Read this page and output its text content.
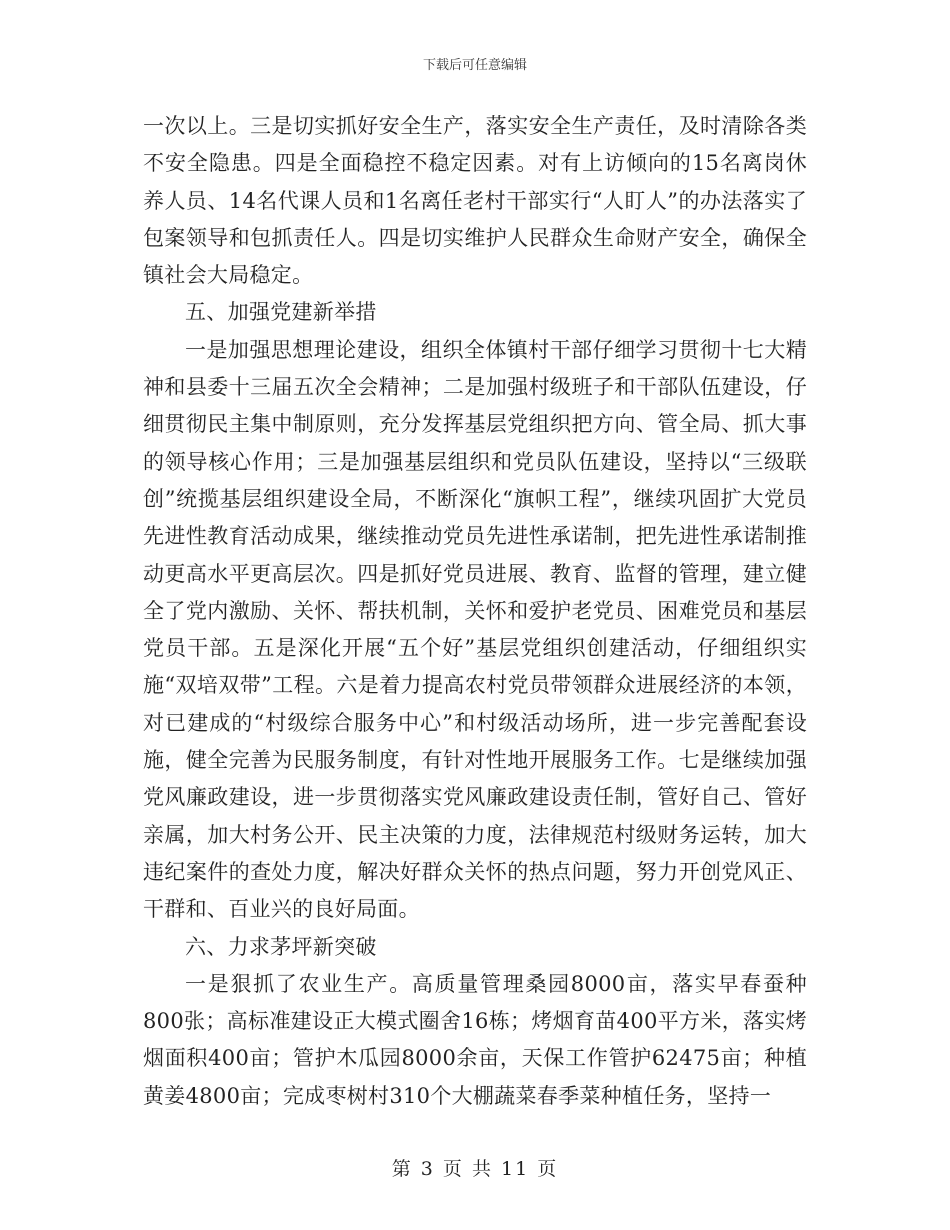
下载后可任意编辑

一次以上。三是切实抓好安全生产，落实安全生产责任，及时清除各类不安全隐患。四是全面稳控不稳定因素。对有上访倾向的15名离岗休养人员、14名代课人员和1名离任老村干部实行“人盯人”的办法落实了包案领导和包抓责任人。四是切实维护人民群众生命财产安全，确保全镇社会大局稳定。

五、加强党建新举措

一是加强思想理论建设，组织全体镇村干部仔细学习贯彻十七大精神和县委十三届五次全会精神；二是加强村级班子和干部队伍建设，仔细贯彻民主集中制原则，充分发挥基层党组织把方向、管全局、抓大事的领导核心作用；三是加强基层组织和党员队伍建设，坚持以“三级联创”统揽基层组织建设全局，不断深化“旗帜工程”，继续巩固扩大党员先进性教育活动成果，继续推动党员先进性承诺制，把先进性承诺制推动更高水平更高层次。四是抓好党员进展、教育、监督的管理，建立健全了党内激励、关怀、帮扶机制，关怀和爱护老党员、困难党员和基层党员干部。五是深化开展“五个好”基层党组织创建活动，仔细组织实施“双培双带”工程。六是着力提高农村党员带领群众进展经济的本领，对已建成的“村级综合服务中心”和村级活动场所，进一步完善配套设施，健全完善为民服务制度，有针对性地开展服务工作。七是继续加强党风廉政建设，进一步贯彻落实党风廉政建设责任制，管好自己、管好亲属，加大村务公开、民主决策的力度，法律规范村级财务运转，加大违纪案件的查处力度，解决好群众关怀的热点问题，努力开创党风正、干群和、百业兴的良好局面。

六、力求茅坪新突破

一是狠抓了农业生产。高质量管理桑园8000亩，落实早春蚕种800张；高标准建设正大模式圈舍16栋；烤烟育苗400平方米，落实烤烟面积400亩；管护木瓜园8000余亩，天保工作管护62475亩；种植黄姜4800亩；完成枣树村310个大棚蔬菜春季菜种植任务，坚持一

第 3 页 共 11 页
